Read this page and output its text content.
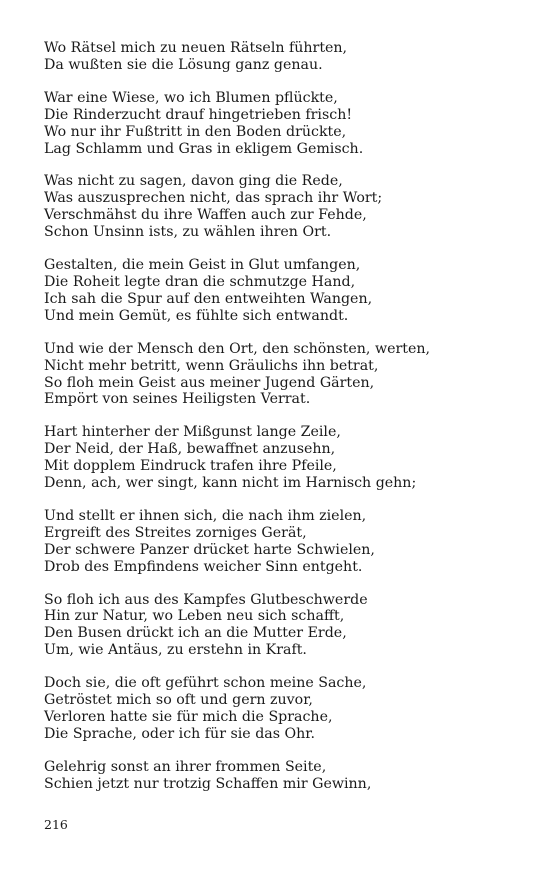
Wo Rätsel mich zu neuen Rätseln führten,
Da wußten sie die Lösung ganz genau.
War eine Wiese, wo ich Blumen pflückte,
Die Rinderzucht drauf hingetrieben frisch!
Wo nur ihr Fußtritt in den Boden drückte,
Lag Schlamm und Gras in ekligem Gemisch.
Was nicht zu sagen, davon ging die Rede,
Was auszusprechen nicht, das sprach ihr Wort;
Verschmähst du ihre Waffen auch zur Fehde,
Schon Unsinn ists, zu wählen ihren Ort.
Gestalten, die mein Geist in Glut umfangen,
Die Roheit legte dran die schmutzge Hand,
Ich sah die Spur auf den entweihten Wangen,
Und mein Gemüt, es fühlte sich entwandt.
Und wie der Mensch den Ort, den schönsten, werten,
Nicht mehr betritt, wenn Gräulichs ihn betrat,
So floh mein Geist aus meiner Jugend Gärten,
Empört von seines Heiligsten Verrat.
Hart hinterher der Mißgunst lange Zeile,
Der Neid, der Haß, bewaffnet anzusehn,
Mit dopplem Eindruck trafen ihre Pfeile,
Denn, ach, wer singt, kann nicht im Harnisch gehn;
Und stellt er ihnen sich, die nach ihm zielen,
Ergreift des Streites zorniges Gerät,
Der schwere Panzer drücket harte Schwielen,
Drob des Empfindens weicher Sinn entgeht.
So floh ich aus des Kampfes Glutbeschwerde
Hin zur Natur, wo Leben neu sich schafft,
Den Busen drückt ich an die Mutter Erde,
Um, wie Antäus, zu erstehn in Kraft.
Doch sie, die oft geführt schon meine Sache,
Getröstet mich so oft und gern zuvor,
Verloren hatte sie für mich die Sprache,
Die Sprache, oder ich für sie das Ohr.
Gelehrig sonst an ihrer frommen Seite,
Schien jetzt nur trotzig Schaffen mir Gewinn,
216
